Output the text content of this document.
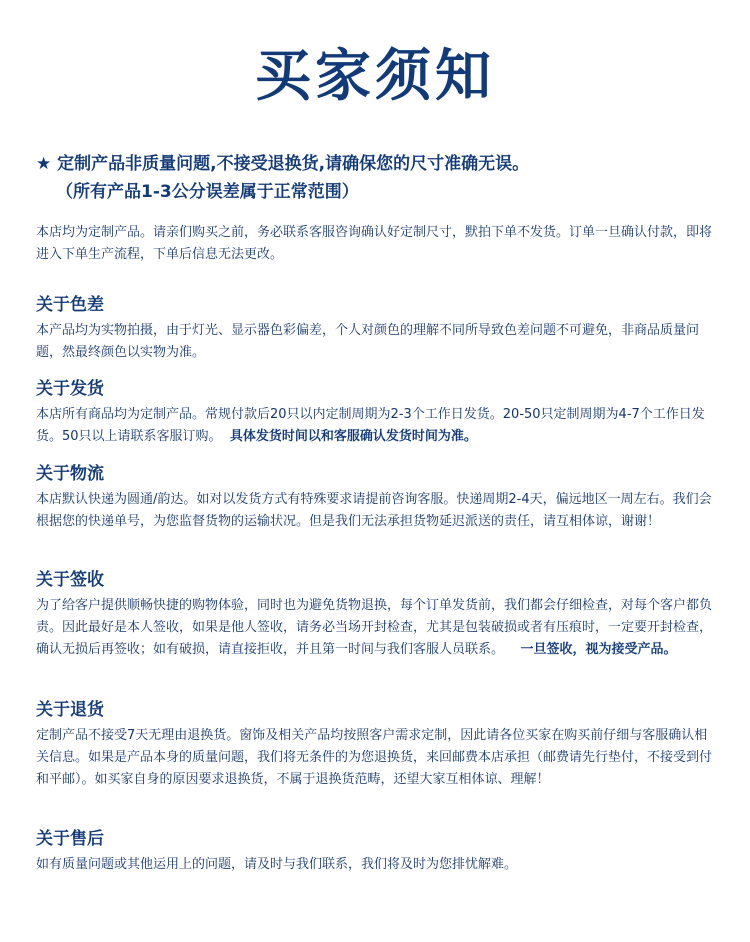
买家须知
★ 定制产品非质量问题,不接受退换货,请确保您的尺寸准确无误。
（所有产品1-3公分误差属于正常范围）
本店均为定制产品。请亲们购买之前，务必联系客服咨询确认好定制尺寸，默拍下单不发货。订单一旦确认付款，即将进入下单生产流程，下单后信息无法更改。
关于色差

本产品均为实物拍摄，由于灯光、显示器色彩偏差，个人对颜色的理解不同所导致色差问题不可避免，非商品质量问题，然最终颜色以实物为准。

关于发货

本店所有商品均为定制产品。常规付款后20只以内定制周期为2-3个工作日发货。20-50只定制周期为4-7个工作日发货。50只以上请联系客服订购。 具体发货时间以和客服确认发货时间为准。

关于物流

本店默认快递为圆通/韵达。如对以发货方式有特殊要求请提前咨询客服。快递周期2-4天，偏远地区一周左右。我们会根据您的快递单号，为您监督货物的运输状况。但是我们无法承担货物延迟派送的责任，请互相体谅，谢谢！

关于签收

为了给客户提供顺畅快捷的购物体验，同时也为避免货物退换，每个订单发货前，我们都会仔细检查，对每个客户都负责。因此最好是本人签收，如果是他人签收，请务必当场开封检查，尤其是包装破损或者有压痕时，一定要开封检查，确认无损后再签收；如有破损，请直接拒收，并且第一时间与我们客服人员联系。 一旦签收，视为接受产品。

关于退货

定制产品不接受7天无理由退换货。窗饰及相关产品均按照客户需求定制，因此请各位买家在购买前仔细与客服确认相关信息。如果是产品本身的质量问题，我们将无条件的为您退换货，来回邮费本店承担（邮费请先行垫付，不接受到付和平邮）。如买家自身的原因要求退换货，不属于退换货范畴，还望大家互相体谅、理解！

关于售后

如有质量问题或其他运用上的问题，请及时与我们联系，我们将及时为您排忧解难。
